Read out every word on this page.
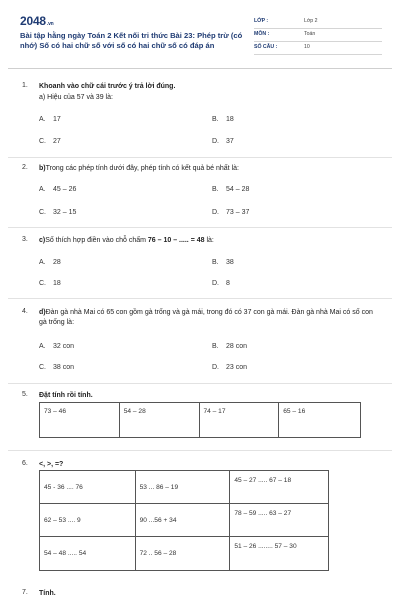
2048.vn
Bài tập hằng ngày Toán 2 Kết nối tri thức Bài 23: Phép trừ (có nhớ) Số có hai chữ số với số có hai chữ số có đáp án
LỚP :	Lớp 2
MÔN :	Toán
SỐ CÂU :	10
1. Khoanh vào chữ cái trước ý trả lời đúng.
a) Hiệu của 57 và 39 là:
A. 17	B. 18
C. 27	D. 37
2. b)Trong các phép tính dưới đây, phép tính có kết quả bé nhất là:
A. 45 – 26	B. 54 – 28
C. 32 – 15	D. 73 – 37
3. c)Số thích hợp điền vào chỗ chấm 76 – 10 – ..... = 48 là:
A. 28	B. 38
C. 18	D. 8
4. d)Đàn gà nhà Mai có 65 con gồm gà trống và gà mái, trong đó có 37 con gà mái. Đàn gà nhà Mai có số con gà trống là:
A. 32 con	B. 28 con
C. 38 con	D. 23 con
5. Đặt tính rồi tính.
73 – 46	54 – 28	74 – 17	65 – 16
6. <, >, =?
45 - 36 .... 76	53 ... 86 – 19	45 – 27 ..... 67 – 18
62 – 53 .... 9	90 ...56 + 34	78 – 59 ..... 63 – 27
54 – 48 ..... 54	72 .. 56 – 28	51 – 26 ........ 57 – 30
7. Tính.
